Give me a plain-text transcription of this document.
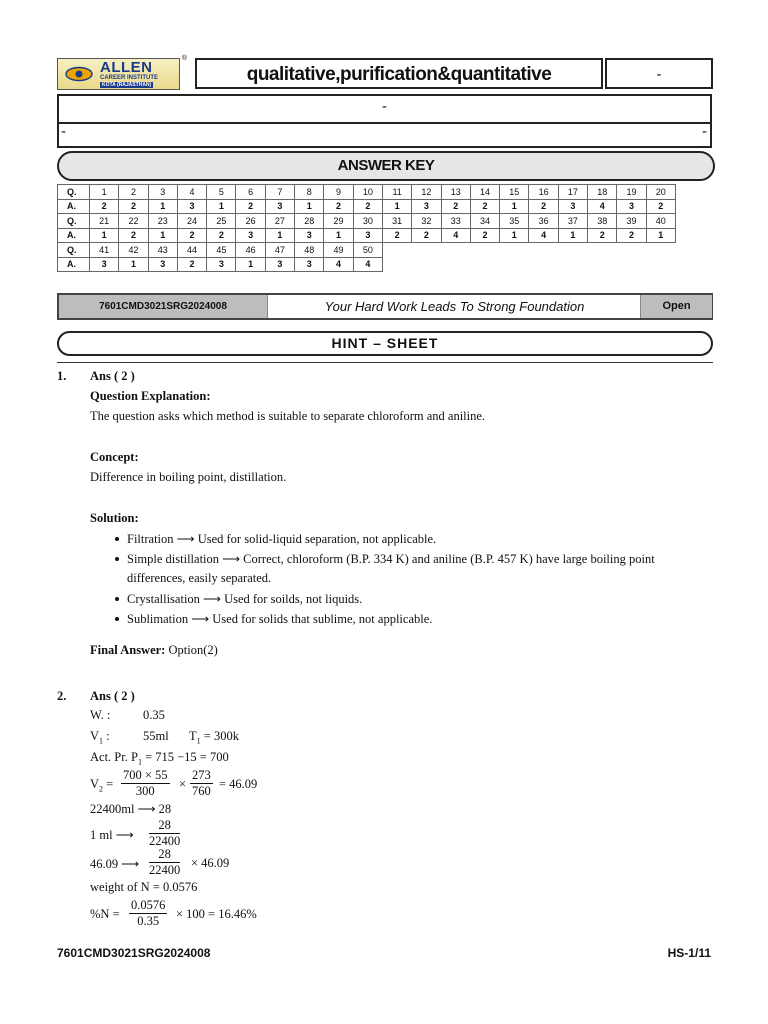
ALLEN
CAREER INSTITUTE
KOTA (RAJASTHAN)
®
qualitative,purification&quantitative	-
-
-	-
ANSWER KEY
Q.	1	2	3	4	5	6	7	8	9	10	11	12	13	14	15	16	17	18	19	20
A.	2	2	1	3	1	2	3	1	2	2	1	3	2	2	1	2	3	4	3	2
Q.	21	22	23	24	25	26	27	28	29	30	31	32	33	34	35	36	37	38	39	40
A.	1	2	1	2	2	3	1	3	1	3	2	2	4	2	1	4	1	2	2	1
Q.	41	42	43	44	45	46	47	48	49	50										
A.	3	1	3	2	3	1	3	3	4	4										
7601CMD3021SRG2024008	Your Hard Work Leads To Strong Foundation	Open
HINT – SHEET
1. Ans ( 2 )
Question Explanation:
The question asks which method is suitable to separate chloroform and aniline.
Concept:
Difference in boiling point, distillation.
Solution:
Filtration ⟶ Used for solid-liquid separation, not applicable.
Simple distillation ⟶ Correct, chloroform (B.P. 334 K) and aniline (B.P. 457 K) have large boiling point
differences, easily separated.
Crystallisation ⟶ Used for soilds, not liquids.
Sublimation ⟶ Used for solids that sublime, not applicable.
Final Answer: Option(2)
2. Ans ( 2 )
W. :	0.35
$V_1$ :	55ml $T_1 = 300k$
Act. Pr. $P_1 = 715 -15 = 700$
$V_2 = \frac{700 \times 55}{300} \times \frac{273}{760} = 46.09$
22400ml ⟶ 28
1 ml ⟶ $\frac{28}{22400}$
46.09 ⟶ $\frac{28}{22400} \times 46.09$
weight of N = 0.0576
$\%N = \frac{0.0576}{0.35} \times 100 = 16.46\%$
7601CMD3021SRG2024008	HS-1/11
